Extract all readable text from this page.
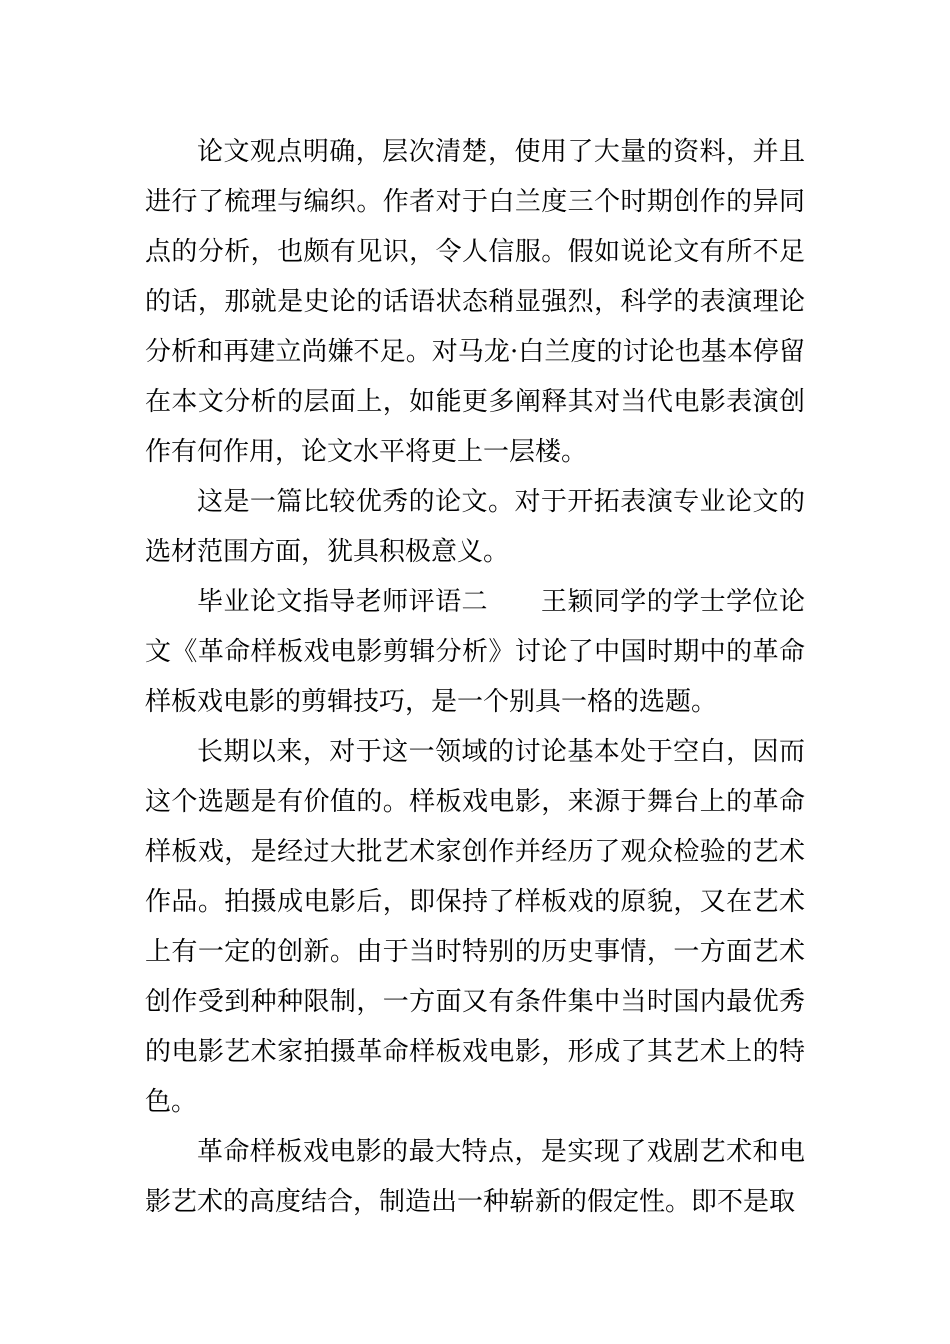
论文观点明确，层次清楚，使用了大量的资料，并且进行了梳理与编织。作者对于白兰度三个时期创作的异同点的分析，也颇有见识，令人信服。假如说论文有所不足的话，那就是史论的话语状态稍显强烈，科学的表演理论分析和再建立尚嫌不足。对马龙·白兰度的讨论也基本停留在本文分析的层面上，如能更多阐释其对当代电影表演创作有何作用，论文水平将更上一层楼。

这是一篇比较优秀的论文。对于开拓表演专业论文的选材范围方面，犹具积极意义。

毕业论文指导老师评语二　　王颖同学的学士学位论文《革命样板戏电影剪辑分析》讨论了中国时期中的革命样板戏电影的剪辑技巧，是一个别具一格的选题。

长期以来，对于这一领域的讨论基本处于空白，因而这个选题是有价值的。样板戏电影，来源于舞台上的革命样板戏，是经过大批艺术家创作并经历了观众检验的艺术作品。拍摄成电影后，即保持了样板戏的原貌，又在艺术上有一定的创新。由于当时特别的历史事情，一方面艺术创作受到种种限制，一方面又有条件集中当时国内最优秀的电影艺术家拍摄革命样板戏电影，形成了其艺术上的特色。

革命样板戏电影的最大特点，是实现了戏剧艺术和电影艺术的高度结合，制造出一种崭新的假定性。即不是取
